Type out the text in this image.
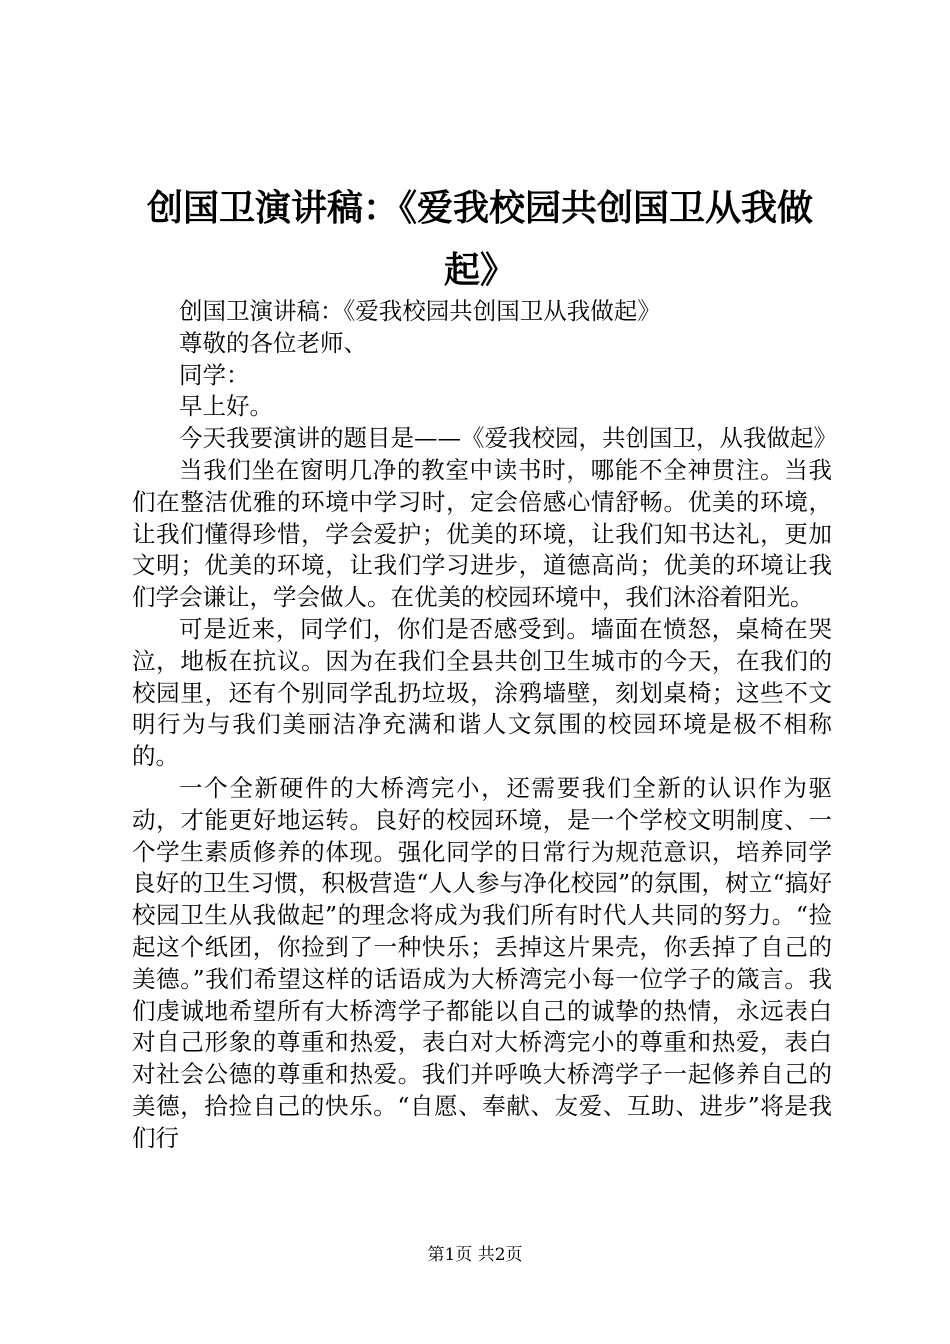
创国卫演讲稿：《爱我校园共创国卫从我做起》

创国卫演讲稿：《爱我校园共创国卫从我做起》

尊敬的各位老师、

同学：

早上好。

今天我要演讲的题目是——《爱我校园，共创国卫，从我做起》

当我们坐在窗明几净的教室中读书时，哪能不全神贯注。当我们在整洁优雅的环境中学习时，定会倍感心情舒畅。优美的环境，让我们懂得珍惜，学会爱护；优美的环境，让我们知书达礼，更加文明；优美的环境，让我们学习进步，道德高尚；优美的环境让我们学会谦让，学会做人。在优美的校园环境中，我们沐浴着阳光。

可是近来，同学们，你们是否感受到。墙面在愤怒，桌椅在哭泣，地板在抗议。因为在我们全县共创卫生城市的今天，在我们的校园里，还有个别同学乱扔垃圾，涂鸦墙壁，刻划桌椅；这些不文明行为与我们美丽洁净充满和谐人文氛围的校园环境是极不相称的。

一个全新硬件的大桥湾完小，还需要我们全新的认识作为驱动，才能更好地运转。良好的校园环境，是一个学校文明制度、一个学生素质修养的体现。强化同学的日常行为规范意识，培养同学良好的卫生习惯，积极营造“人人参与净化校园”的氛围，树立“搞好校园卫生从我做起”的理念将成为我们所有时代人共同的努力。“捡起这个纸团，你捡到了一种快乐；丢掉这片果壳，你丢掉了自己的美德。”我们希望这样的话语成为大桥湾完小每一位学子的箴言。我们虔诚地希望所有大桥湾学子都能以自己的诚挚的热情，永远表白对自己形象的尊重和热爱，表白对大桥湾完小的尊重和热爱，表白对社会公德的尊重和热爱。我们并呼唤大桥湾学子一起修养自己的美德，拾捡自己的快乐。“自愿、奉献、友爱、互助、进步”将是我们行

第1页 共2页
